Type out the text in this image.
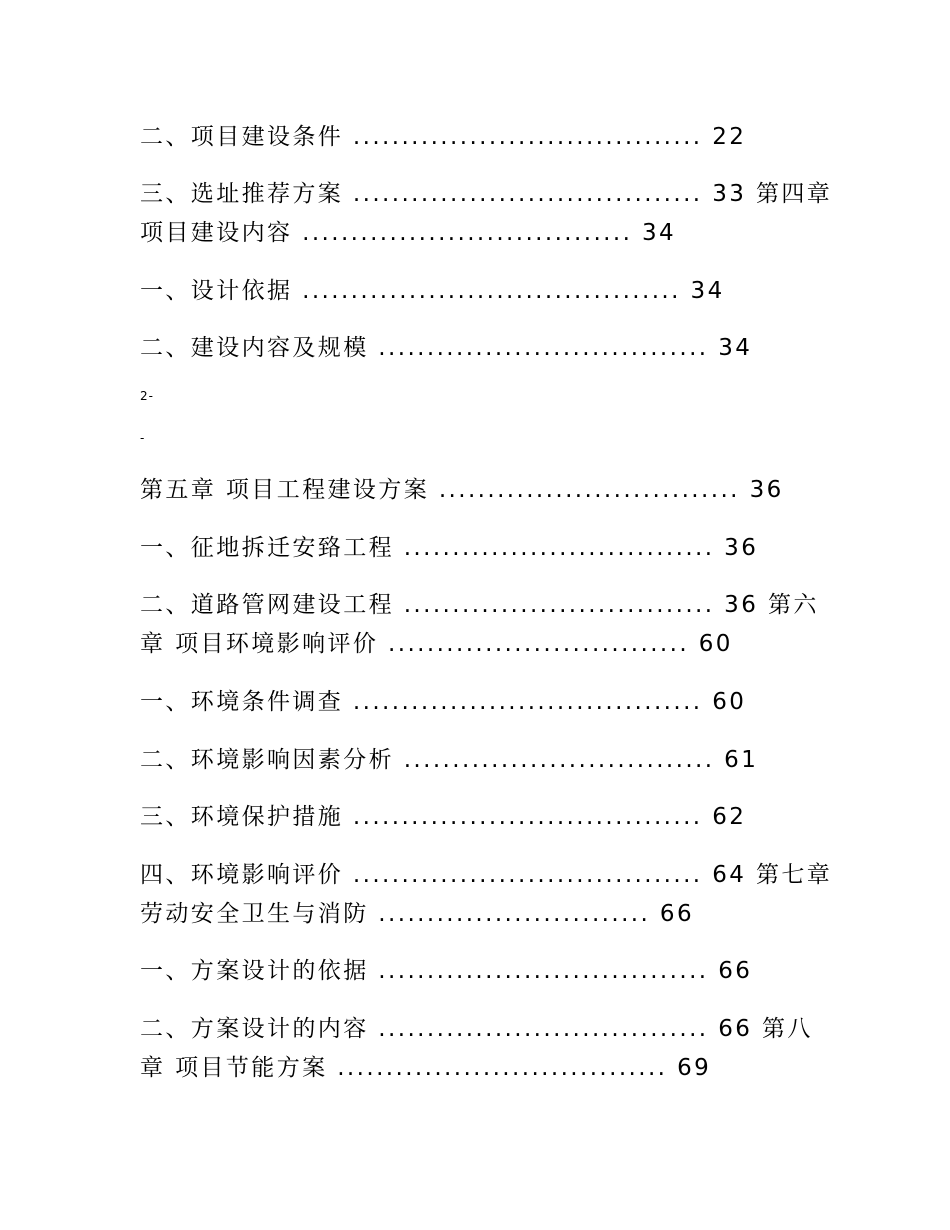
二、项目建设条件 .................................... 22
三、选址推荐方案 .................................... 33 第四章
项目建设内容 .................................. 34
一、设计依据 ....................................... 34
二、建设内容及规模 .................................. 34
2-
-
第五章 项目工程建设方案 ............................... 36
一、征地拆迁安臵工程 ................................ 36
二、道路管网建设工程 ................................ 36 第六
章 项目环境影响评价 ............................... 60
一、环境条件调查 .................................... 60
二、环境影响因素分析 ................................ 61
三、环境保护措施 .................................... 62
四、环境影响评价 .................................... 64 第七章
劳动安全卫生与消防 ............................ 66
一、方案设计的依据 .................................. 66
二、方案设计的内容 .................................. 66 第八
章 项目节能方案 .................................. 69
